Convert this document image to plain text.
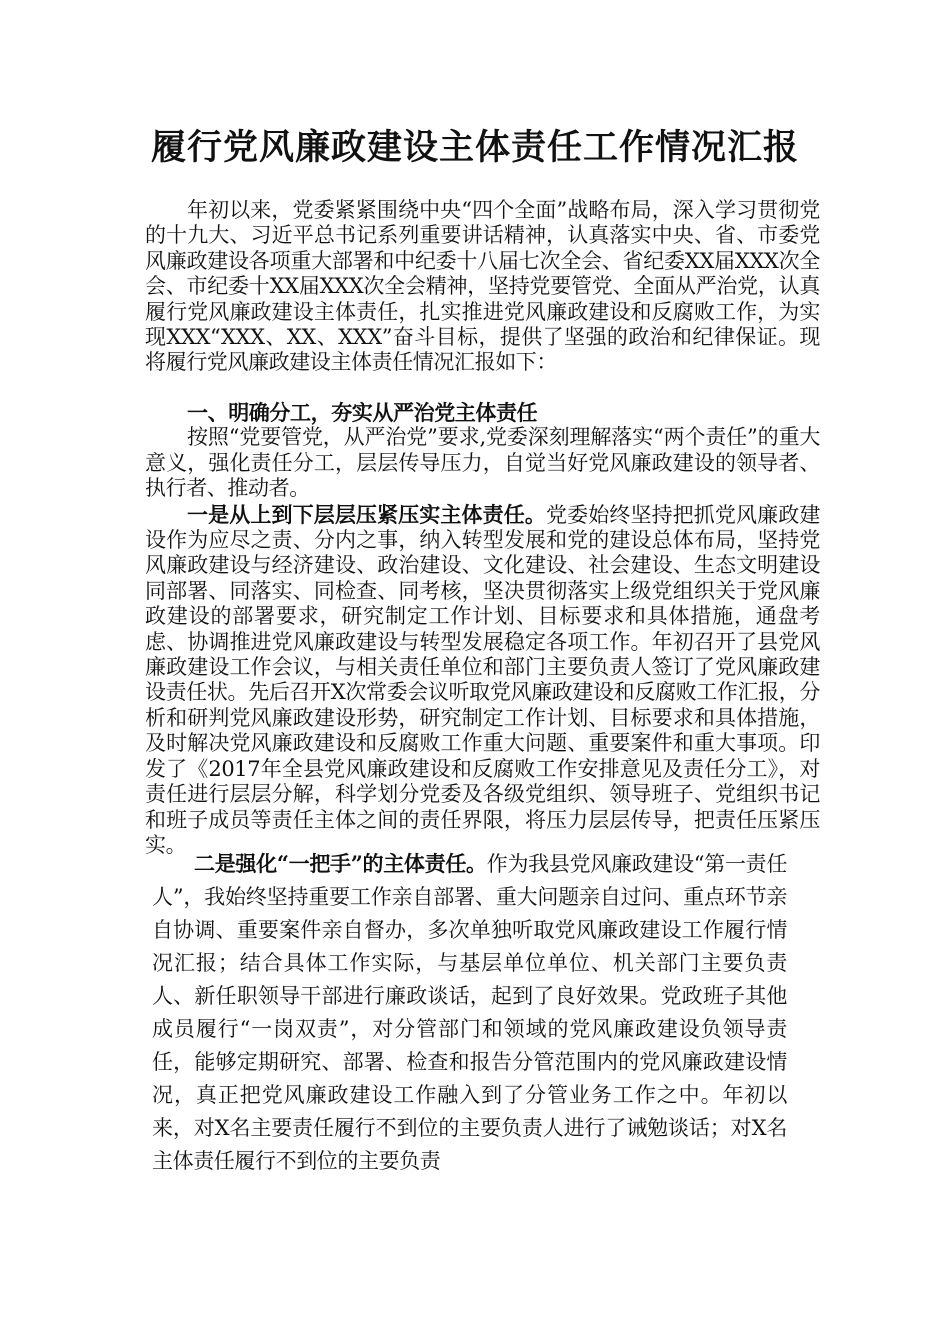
履行党风廉政建设主体责任工作情况汇报

年初以来，党委紧紧围绕中央“四个全面”战略布局，深入学习贯彻党的十九大、习近平总书记系列重要讲话精神，认真落实中央、省、市委党风廉政建设各项重大部署和中纪委十八届七次全会、省纪委XX届XXX次全会、市纪委十XX届XXX次全会精神，坚持党要管党、全面从严治党，认真履行党风廉政建设主体责任，扎实推进党风廉政建设和反腐败工作，为实现XXX“XXX、XX、XXX”奋斗目标，提供了坚强的政治和纪律保证。现将履行党风廉政建设主体责任情况汇报如下：

一、明确分工，夯实从严治党主体责任

按照“党要管党，从严治党”要求,党委深刻理解落实“两个责任”的重大意义，强化责任分工，层层传导压力，自觉当好党风廉政建设的领导者、执行者、推动者。

一是从上到下层层压紧压实主体责任。党委始终坚持把抓党风廉政建设作为应尽之责、分内之事，纳入转型发展和党的建设总体布局，坚持党风廉政建设与经济建设、政治建设、文化建设、社会建设、生态文明建设同部署、同落实、同检查、同考核，坚决贯彻落实上级党组织关于党风廉政建设的部署要求，研究制定工作计划、目标要求和具体措施，通盘考虑、协调推进党风廉政建设与转型发展稳定各项工作。年初召开了县党风廉政建设工作会议，与相关责任单位和部门主要负责人签订了党风廉政建设责任状。先后召开X次常委会议听取党风廉政建设和反腐败工作汇报，分析和研判党风廉政建设形势，研究制定工作计划、目标要求和具体措施，及时解决党风廉政建设和反腐败工作重大问题、重要案件和重大事项。印发了《2017年全县党风廉政建设和反腐败工作安排意见及责任分工》，对责任进行层层分解，科学划分党委及各级党组织、领导班子、党组织书记和班子成员等责任主体之间的责任界限，将压力层层传导，把责任压紧压实。

二是强化“一把手”的主体责任。作为我县党风廉政建设“第一责任人”，我始终坚持重要工作亲自部署、重大问题亲自过问、重点环节亲自协调、重要案件亲自督办，多次单独听取党风廉政建设工作履行情况汇报；结合具体工作实际，与基层单位单位、机关部门主要负责人、新任职领导干部进行廉政谈话，起到了良好效果。党政班子其他成员履行“一岗双责”，对分管部门和领域的党风廉政建设负领导责任，能够定期研究、部署、检查和报告分管范围内的党风廉政建设情况，真正把党风廉政建设工作融入到了分管业务工作之中。年初以来，对X名主要责任履行不到位的主要负责人进行了诫勉谈话；对X名主体责任履行不到位的主要负责
